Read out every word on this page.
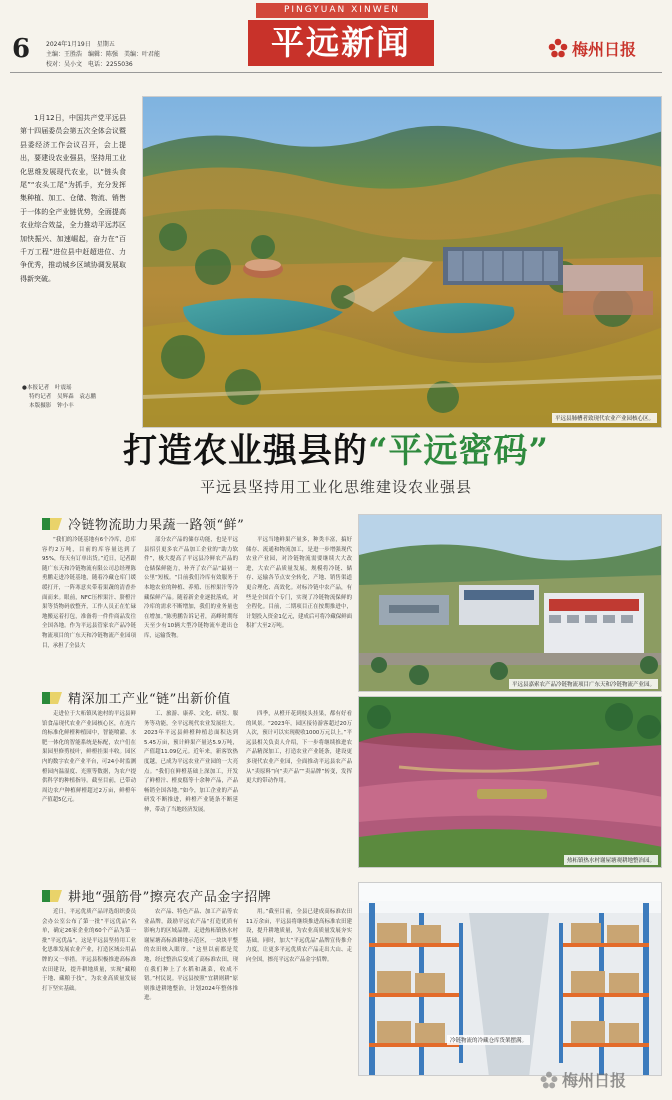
6	2024年1月19日　星期五
主编：王胜浩　编辑：陈强　美编：叶君能
校对：吴小文　电话：2255036
PINGYUAN XINWEN
平远新闻	梅州日报
1月12日，中国共产党平远县第十四届委员会第五次全体会议暨县委经济工作会议召开，会上提出，要建设农业强县，坚持用工业化思维发展现代农业，以“链头食尾”“农头工尾”为抓手，充分发挥集种植、加工、仓储、物流、销售于一体的全产业链优势，全面提高农业综合效益，全力推动平远苏区加快振兴、加速崛起，奋力在“百千万工程”进位县中赶超进位、力争优秀，推动城乡区域协调发展取得新突破。
●本报记者　叶震瑶
特约记者　吴辉森　袁志鹏
本版摄影　钟小丰
平远县肺槽者致现代农业产业园核心区。
打造农业强县的“平远密码”
平远县坚持用工业化思维建设农业强县
冷链物流助力果蔬一路领“鲜”
“我们的冷链基地有6个冷库，总库容约2万吨，目前的库容量达到了95%，每天有订单出货。”近日，记者跟随广东天和冷链物流有限公司总经理陈勇鹏走进冷链基地，随着冷藏仓库门缓缓打开，一阵寒意夹带着果蔬的清香扑面而来。眼前，NFC压榨果汁、脐橙汁果等货物码放整齐，工作人员正在忙碌地搬运着打包，准备将一件件商品发往全国各地。作为平远县管家农产品冷链物流项目的广东天和冷链物流产业园项目，承担了全县大
部分农产品的储存功能，也是平远县招引更多农产品加工企业的“助力软件”，极大提高了平远县冷鲜农产品的仓储保鲜能力，补齐了农产品“最初一公里”短板。“目前我们冷库有效服务于本地农业的种植、养殖、压榨果汁等冷藏保鲜产品。随着新企业逐批落成，对冷库的需求不断增加，我们的业务量也在增加。”陈勇鹏告诉记者，高峰时期每天至少有10辆大型冷链物流车进出仓库，运输货物。
平远当地鲜果产量多，种类丰富，搞好储存、流通和物流加工，是进一步增强现代农业产业园，对冷链物流需要继续大大改进，大农产品质量发展，规模将冷链、储存、运输各节点安全转化，产地、销售渠道更合理化、高效化。对标冷链中农产品，有些是全国首个专门，实现了冷链物流保鲜的全程化。目前，二期项目正在按期推进中，计划投入资金1亿元，建成后可将冷藏保鲜面积扩大至2万吨。
平远县嘉索农产品冷链物流项目广东天和冷链物流产业园。
精深加工产业“链”出新价值
走进位于大柘镇凤池村的平远县鲜馆食品现代农业产业园核心区，在连片的标准化鲜橙种植园中，智能喷灌、水肥一体化的智能系统是标配，农户们在果园里修剪枝叶，鲜橙挂果丰收。园区内的数字农业产业平台，可24小时监测橙园内温湿度、光照等数据，为农户提供科学的种植指导。截至目前，已带动周边农户种植鲜橙超过2万亩，鲜橙年产值超5亿元。
工、旅游、康养、文化、研发、服务等功能，全平远现代农业发展壮大。2023年平远县鲜橙种植总面积达到5.45万亩，预计鲜果产量达5.9万吨，产值超11.09亿元。近年来，新客饮热度越，已成为平远农业产业园的一大亮点。“我们在鲜橙基础上深加工，开发了鲜橙汁、橙皮糕等十余种产品，产品畅销全国各地。”如今，加工企业的产品研发不断推进，鲜橙产业链条不断延伸，带动了当地经济发展。
四季，从橙开花到枝头挂果，都有好看的风景。“2023年，园区接待游客超过20万人次，预计可以实现税收1000万元以上。”平远县相关负责人介绍，下一步将继续推进农产品精深加工，打造农业产业链条，建设更多现代农业产业园，全面推动平远县农产品从“卖原料”向“卖产品”“卖品牌”转变，发挥更大的带动作用。
热柘镇热水村谢屋塘观耕地整治园。
耕地“强筋骨”擦亮农产品金字招牌
近日，平远优质产品评选组织委员会办公室公布了第一批“平远优品”名单，确定26家企业的60个产品为第一批“平远优品”。这是平远县坚持用工业化思维发展农业产业，打造区域公用品牌的又一举措。平远县积极推进高标准农田建设，提升耕地质量，实现“藏粮于地、藏粮于技”，为农业高质量发展打下坚实基础。
农产品、特色产品、加工产品等农业品牌，鼓励平远农产品“打造优质有影响力的区域品牌。走进热柘镇热水村谢屋塘高标准耕地示范区，一块块平整的农田映入眼帘。“这里以前都是荒地，经过整治后变成了高标准农田，现在我们种上了水稻和蔬菜，收成不错。”村民说。平远县按照“宜耕则耕”原则推进耕地整治，计划2024年整体推进。
用。”截至目前，全县已建成高标准农田11万余亩，平远县将继续推进高标准农田建设，提升耕地质量，为农业高质量发展夯实基础。同时，加大“平远优品”品牌宣传推介力度，让更多平远优质农产品走出大山、走向全国，擦亮平远农产品金字招牌。
冷链物流的冷藏仓库货架摆满。
梅州日报
